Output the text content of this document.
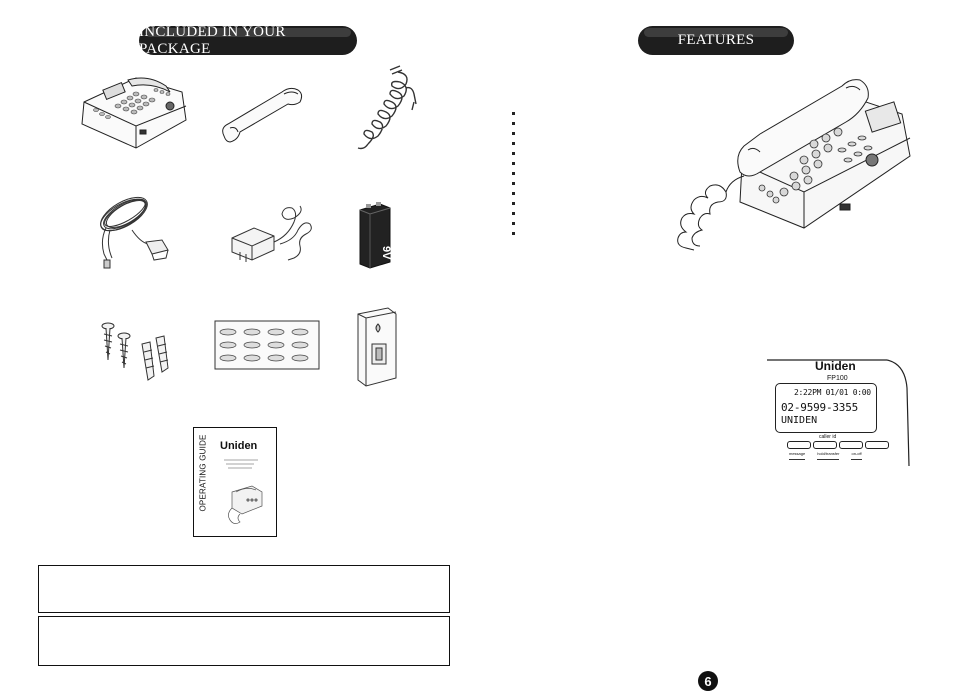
INCLUDED IN YOUR PACKAGE
FEATURES
9V
OPERATING GUIDE Uniden
Uniden
FP100
2:22PM 01/01 0:00
02-9599-3355
UNIDEN
caller id
message	hold/transfer	on-off
6
